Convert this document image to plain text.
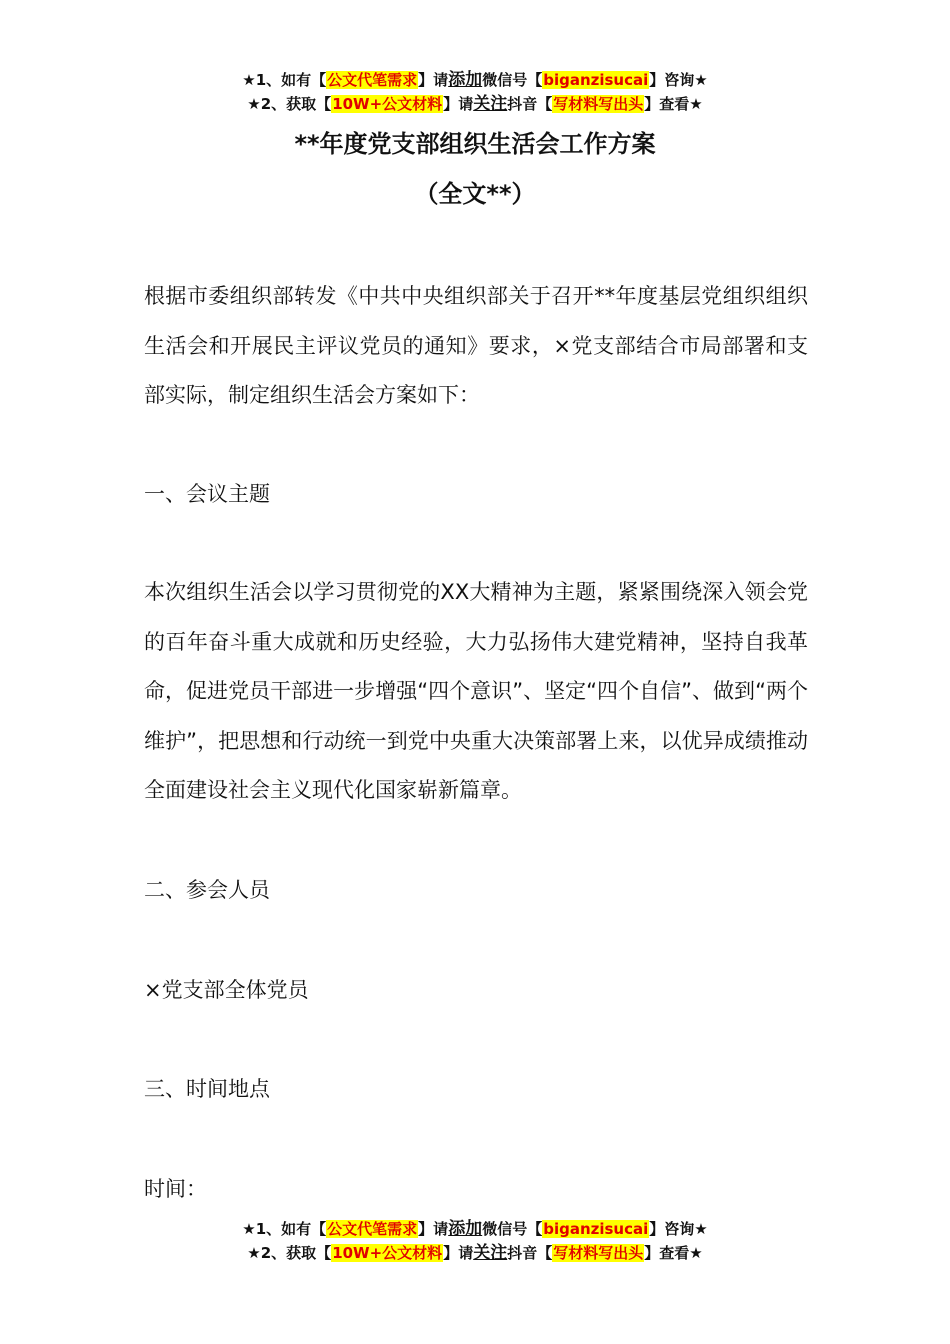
★1、如有【公文代笔需求】请添加微信号【biganzisucai】咨询★
★2、获取【10W+公文材料】请关注抖音【写材料写出头】查看★
**年度党支部组织生活会工作方案
（全文**）

根据市委组织部转发《中共中央组织部关于召开**年度基层党组织组织生活会和开展民主评议党员的通知》要求，×党支部结合市局部署和支部实际，制定组织生活会方案如下：

一、会议主题

本次组织生活会以学习贯彻党的XX大精神为主题，紧紧围绕深入领会党的百年奋斗重大成就和历史经验，大力弘扬伟大建党精神，坚持自我革命，促进党员干部进一步增强“四个意识”、坚定“四个自信”、做到“两个维护”，把思想和行动统一到党中央重大决策部署上来，以优异成绩推动全面建设社会主义现代化国家崭新篇章。

二、参会人员

×党支部全体党员

三、时间地点

时间：

★1、如有【公文代笔需求】请添加微信号【biganzisucai】咨询★
★2、获取【10W+公文材料】请关注抖音【写材料写出头】查看★
